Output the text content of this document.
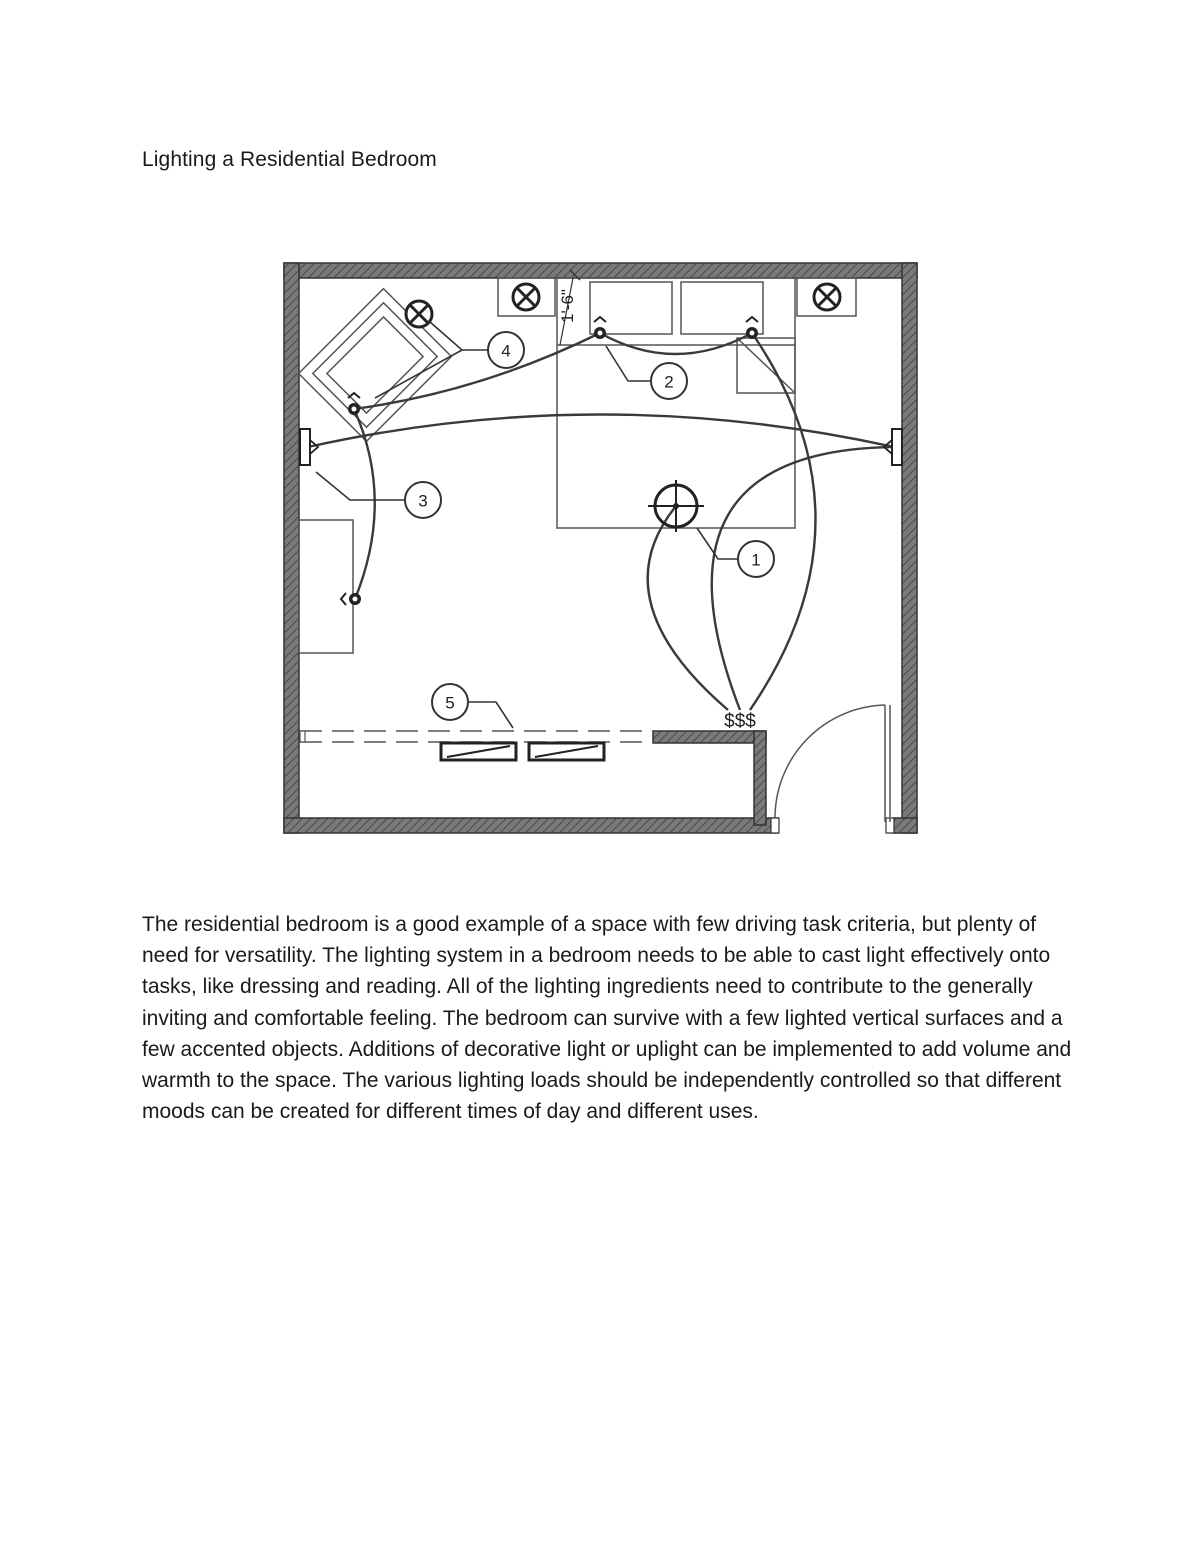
Lighting a Residential Bedroom
1'-6"
$$$
1
2
3
4
5

The residential bedroom is a good example of a space with few driving task criteria, but plenty of need for versatility. The lighting system in a bedroom needs to be able to cast light effectively onto tasks, like dressing and reading. All of the lighting ingredients need to contribute to the generally inviting and comfortable feeling. The bedroom can survive with a few lighted vertical surfaces and a few accented objects. Additions of decorative light or uplight can be implemented to add volume and warmth to the space. The various lighting loads should be independently controlled so that different moods can be created for different times of day and different uses.
